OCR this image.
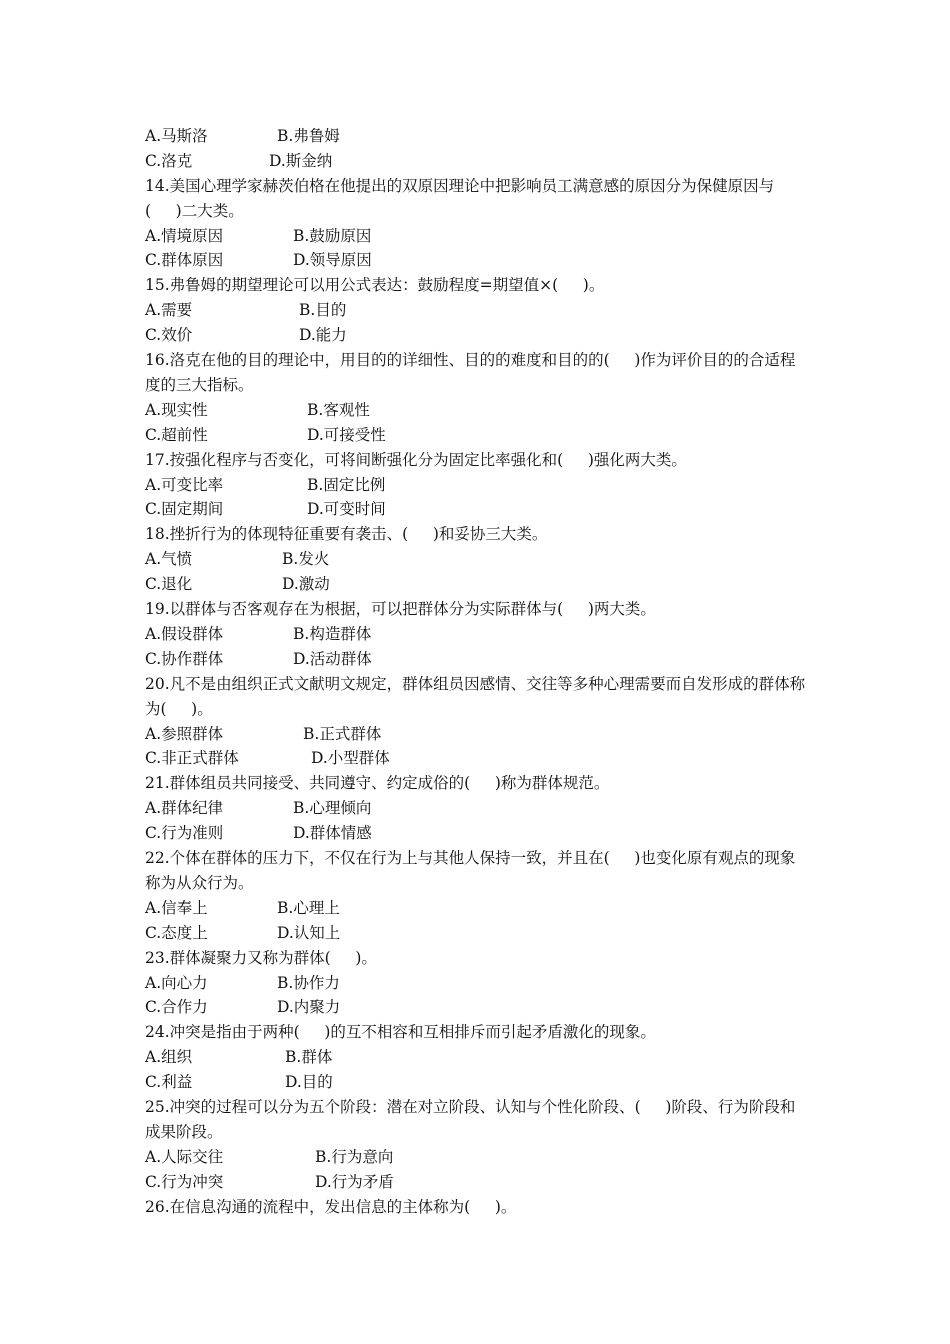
A.马斯洛	B.弗鲁姆
C.洛克	D.斯金纳
14.美国心理学家赫茨伯格在他提出的双原因理论中把影响员工满意感的原因分为保健原因与(     )二大类。
A.情境原因	B.鼓励原因
C.群体原因	D.领导原因
15.弗鲁姆的期望理论可以用公式表达：鼓励程度=期望值×(     )。
A.需要	B.目的
C.效价	D.能力
16.洛克在他的目的理论中，用目的的详细性、目的的难度和目的的(     )作为评价目的的合适程度的三大指标。
A.现实性	B.客观性
C.超前性	D.可接受性
17.按强化程序与否变化，可将间断强化分为固定比率强化和(     )强化两大类。
A.可变比率	B.固定比例
C.固定期间	D.可变时间
18.挫折行为的体现特征重要有袭击、(     )和妥协三大类。
A.气愤	B.发火
C.退化	D.激动
19.以群体与否客观存在为根据，可以把群体分为实际群体与(     )两大类。
A.假设群体	B.构造群体
C.协作群体	D.活动群体
20.凡不是由组织正式文献明文规定，群体组员因感情、交往等多种心理需要而自发形成的群体称为(     )。
A.参照群体	B.正式群体
C.非正式群体	D.小型群体
21.群体组员共同接受、共同遵守、约定成俗的(     )称为群体规范。
A.群体纪律	B.心理倾向
C.行为准则	D.群体情感
22.个体在群体的压力下，不仅在行为上与其他人保持一致，并且在(     )也变化原有观点的现象称为从众行为。
A.信奉上	B.心理上
C.态度上	D.认知上
23.群体凝聚力又称为群体(     )。
A.向心力	B.协作力
C.合作力	D.内聚力
24.冲突是指由于两种(     )的互不相容和互相排斥而引起矛盾激化的现象。
A.组织	B.群体
C.利益	D.目的
25.冲突的过程可以分为五个阶段：潜在对立阶段、认知与个性化阶段、(     )阶段、行为阶段和成果阶段。
A.人际交往	B.行为意向
C.行为冲突	D.行为矛盾
26.在信息沟通的流程中，发出信息的主体称为(     )。
